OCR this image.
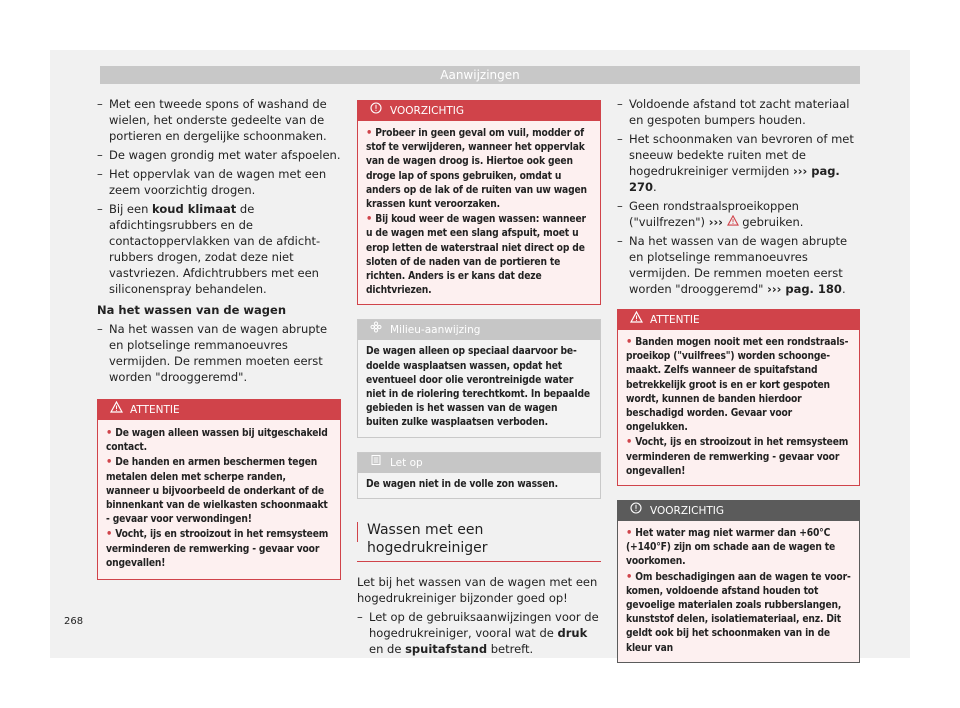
Aanwijzingen
– Met een tweede spons of washand de wielen, het onderste gedeelte van de portieren en dergelijke schoonmaken.
– De wagen grondig met water afspoelen.
– Het oppervlak van de wagen met een zeem voorzichtig drogen.
– Bij een koud klimaat de afdichtingsrubbers en de contactoppervlakken van de afdichtrubbers drogen, zodat deze niet vastvriezen. Afdichtrubbers met een siliconenspray behandelen.

Na het wassen van de wagen

– Na het wassen van de wagen abrupte en plotselinge remmanoeuvres vermijden. De remmen moeten eerst worden "drooggeremd".
ATTENTIE
• De wagen alleen wassen bij uitgeschakeld contact.
• De handen en armen beschermen tegen metalen delen met scherpe randen, wanneer u bijvoorbeeld de onderkant of de binnenkant van de wielkasten schoonmaakt - gevaar voor verwondingen!
• Vocht, ijs en strooizout in het remsysteem verminderen de remwerking - gevaar voor ongevallen!
VOORZICHTIG
• Probeer in geen geval om vuil, modder of stof te verwijderen, wanneer het oppervlak van de wagen droog is. Hiertoe ook geen droge lap of spons gebruiken, omdat u anders op de lak of de ruiten van uw wagen krassen kunt veroorzaken.
• Bij koud weer de wagen wassen: wanneer u de wagen met een slang afspuit, moet u erop letten de waterstraal niet direct op de sloten of de naden van de portieren te richten. Anders is er kans dat deze dichtvriezen.
Milieu-aanwijzing
De wagen alleen op speciaal daarvoor bedoelde wasplaatsen wassen, opdat het eventueel door olie verontreinigde water niet in de riolering terechtkomt. In bepaalde gebieden is het wassen van de wagen buiten zulke wasplaatsen verboden.
Let op
De wagen niet in de volle zon wassen.
Wassen met een hogedrukreiniger

Let bij het wassen van de wagen met een hogedrukreiniger bijzonder goed op!

– Let op de gebruiksaanwijzingen voor de hogedrukreiniger, vooral wat de druk en de spuitafstand betreft.
– Voldoende afstand tot zacht materiaal en gespoten bumpers houden.
– Het schoonmaken van bevroren of met sneeuw bedekte ruiten met de hogedrukreiniger vermijden ››› pag. 270.
– Geen rondstraalsproeikoppen ("vuilfrezen") ›››  gebruiken.
– Na het wassen van de wagen abrupte en plotselinge remmanoeuvres vermijden. De remmen moeten eerst worden "drooggeremd" ››› pag. 180.
ATTENTIE
• Banden mogen nooit met een rondstraalsproeikop ("vuilfrees") worden schoongemaakt. Zelfs wanneer de spuitafstand betrekkelijk groot is en er kort gespoten wordt, kunnen de banden hierdoor beschadigd worden. Gevaar voor ongelukken.
• Vocht, ijs en strooizout in het remsysteem verminderen de remwerking - gevaar voor ongevallen!
VOORZICHTIG
• Het water mag niet warmer dan +60°C (+140°F) zijn om schade aan de wagen te voorkomen.
• Om beschadigingen aan de wagen te voorkomen, voldoende afstand houden tot gevoelige materialen zoals rubberslangen, kunststof delen, isolatiemateriaal, enz. Dit geldt ook bij het schoonmaken van in de kleur van
268
